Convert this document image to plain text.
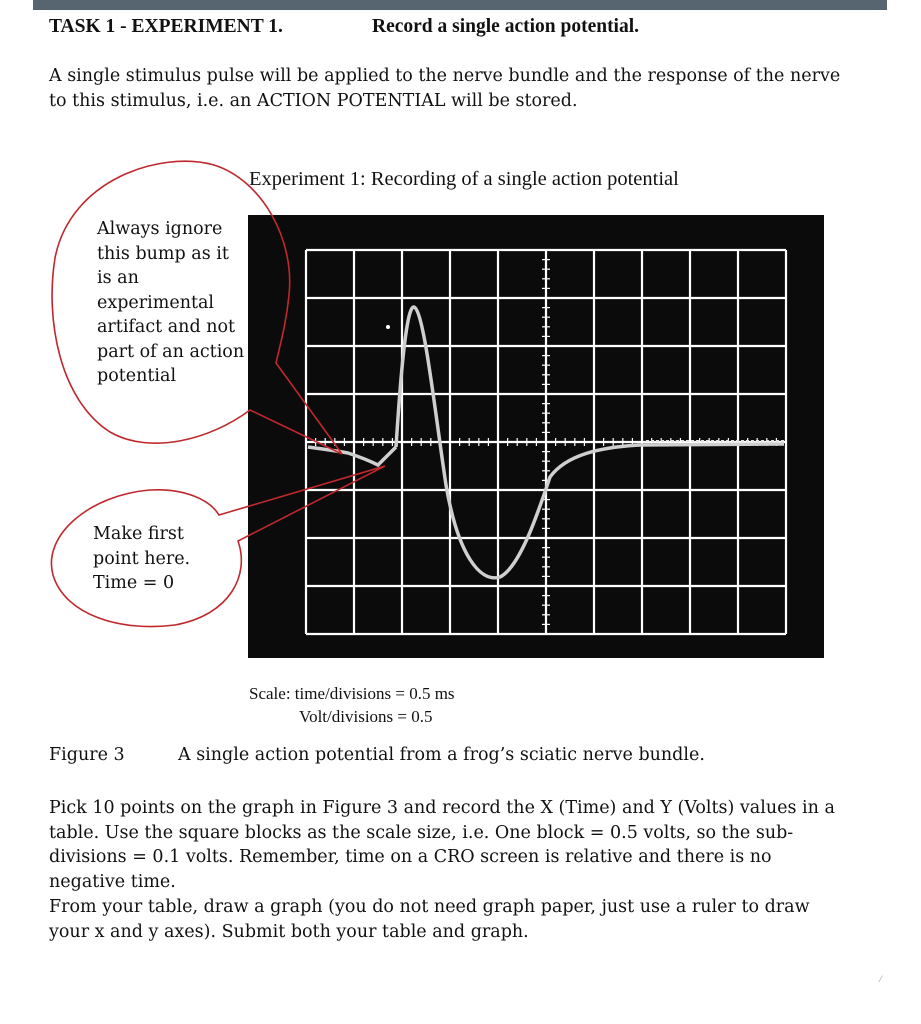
TASK 1 - EXPERIMENT 1.	Record a single action potential.

A single stimulus pulse will be applied to the nerve bundle and the response of the nerve to this stimulus, i.e. an ACTION POTENTIAL will be stored.

Experiment 1: Recording of a single action potential
Always ignore this bump as it is an experimental artifact and not part of an action potential
Make first point here. Time = 0
Scale: time/divisions = 0.5 ms
Volt/divisions = 0.5
Figure 3	A single action potential from a frog’s sciatic nerve bundle.

Pick 10 points on the graph in Figure 3 and record the X (Time) and Y (Volts) values in a table. Use the square blocks as the scale size, i.e. One block = 0.5 volts, so the sub-divisions = 0.1 volts. Remember, time on a CRO screen is relative and there is no negative time.

From your table, draw a graph (you do not need graph paper, just use a ruler to draw your x and y axes). Submit both your table and graph.

⁄
